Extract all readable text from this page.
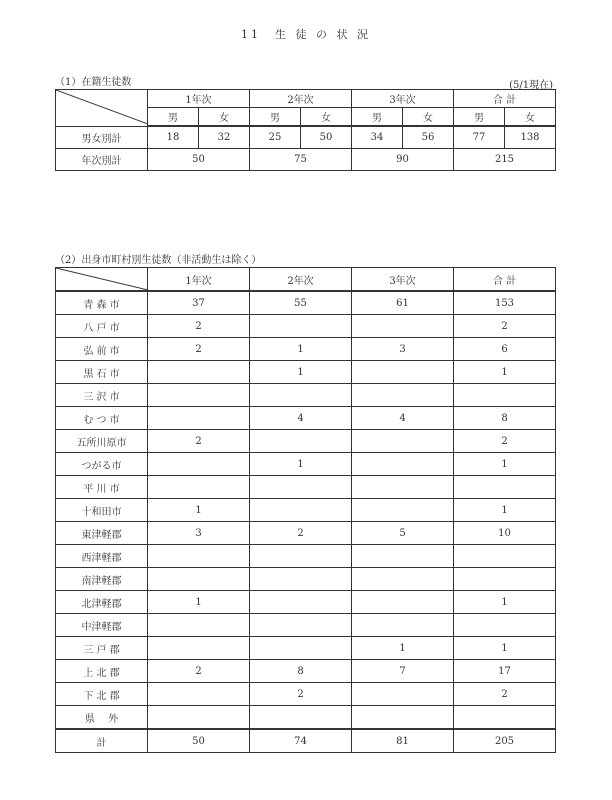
11　生 徒 の 状 況
（1）在籍生徒数	(5/1現在)
	1年次		2年次		3年次		合 計	
	男	女	男	女	男	女	男	女
男女別計	18	32	25	50	34	56	77	138
年次別計	50		75		90		215	
（2）出身市町村別生徒数（非活動生は除く）
	1年次	2年次	3年次	合 計
青 森 市	37	55	61	153
八 戸 市	2			2
弘 前 市	2	1	3	6
黒 石 市		1		1
三 沢 市				
む つ 市		4	4	8
五所川原市	2			2
つがる市		1		1
平 川 市				
十和田市	1			1
東津軽郡	3	2	5	10
西津軽郡				
南津軽郡				
北津軽郡	1			1
中津軽郡				
三 戸 郡			1	1
上 北 郡	2	8	7	17
下 北 郡		2		2
県　 外				
計	50	74	81	205
